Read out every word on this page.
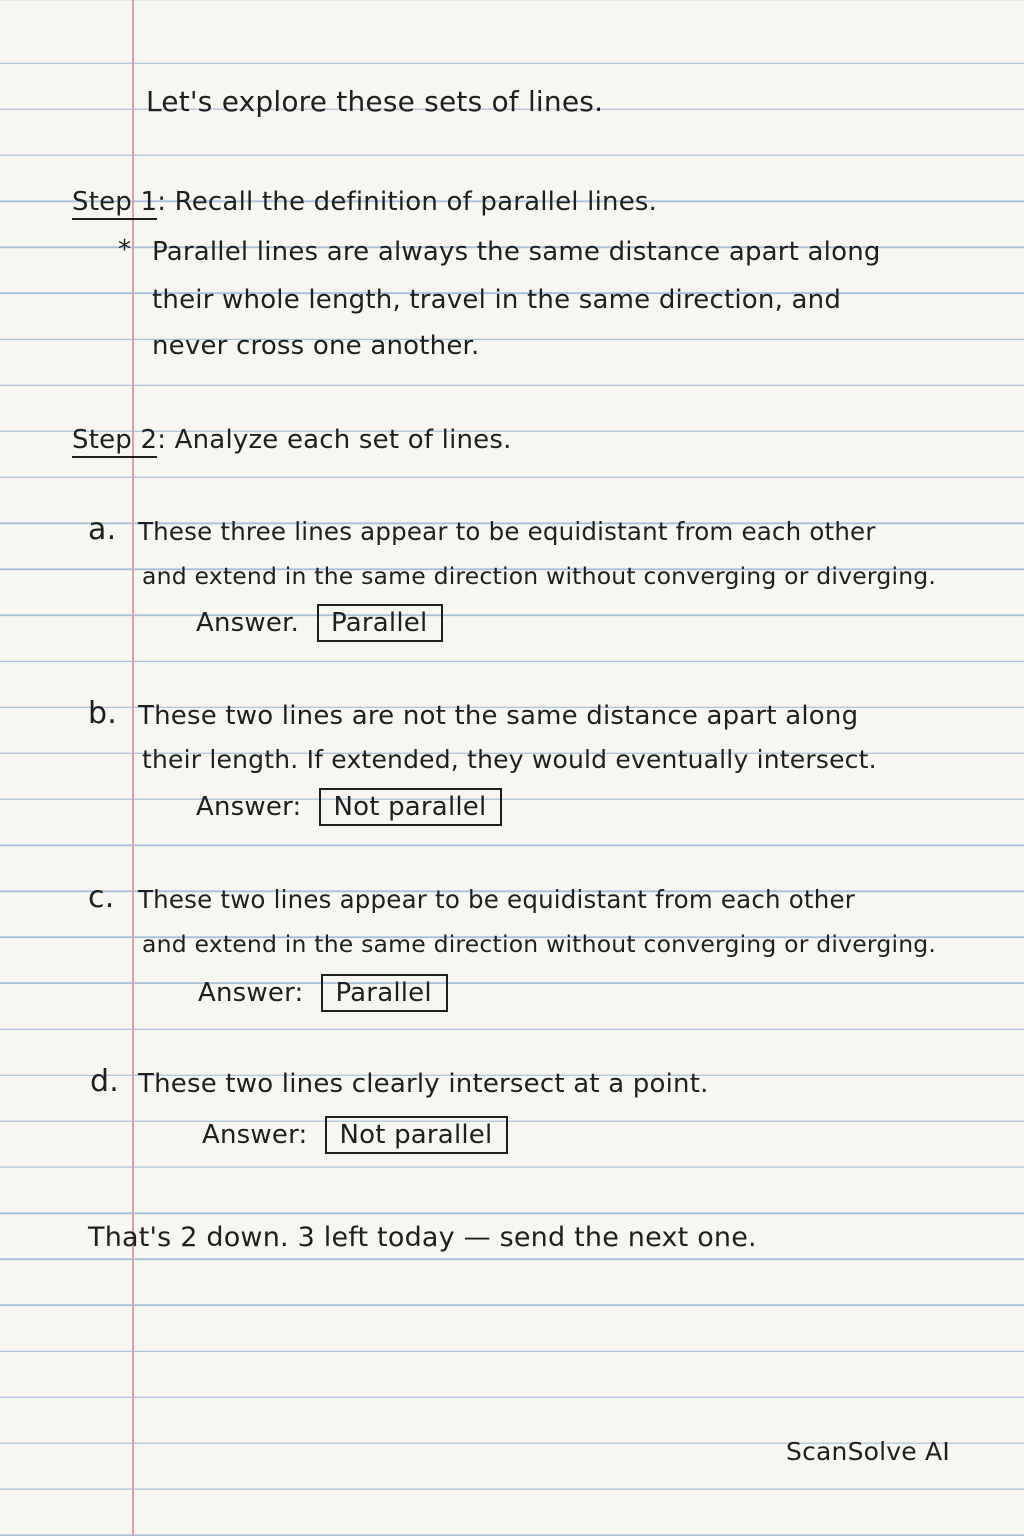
Let's explore these sets of lines.
Step 1: Recall the definition of parallel lines.
* Parallel lines are always the same distance apart along
their whole length, travel in the same direction, and
never cross one another.
Step 2: Analyze each set of lines.
a. These three lines appear to be equidistant from each other
and extend in the same direction without converging or diverging.
Answer. Parallel
b. These two lines are not the same distance apart along
their length. If extended, they would eventually intersect.
Answer: Not parallel
c. These two lines appear to be equidistant from each other
and extend in the same direction without converging or diverging.
Answer: Parallel
d. These two lines clearly intersect at a point.
Answer: Not parallel
That's 2 down. 3 left today — send the next one.
ScanSolve AI
